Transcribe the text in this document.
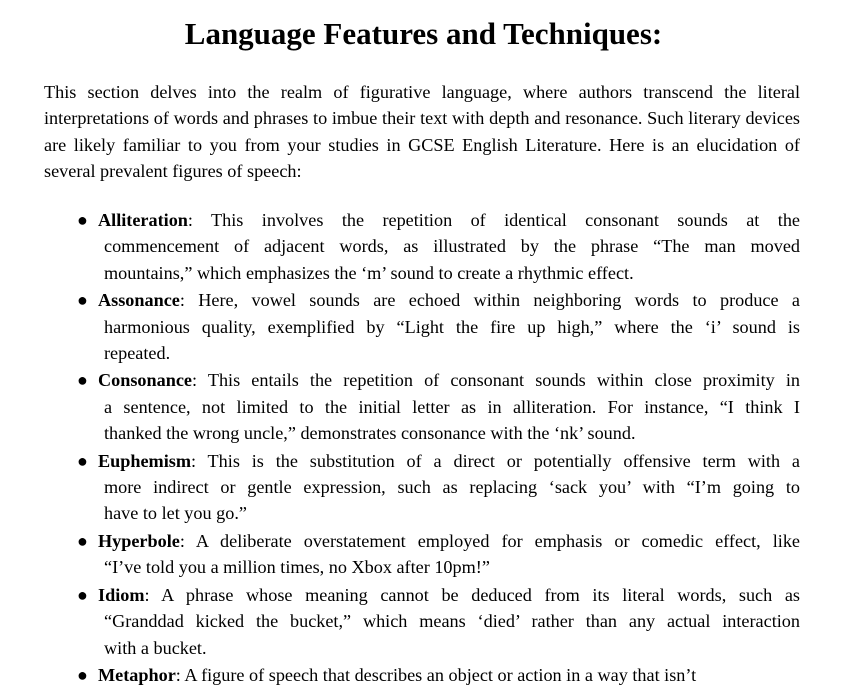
Language Features and Techniques:

This section delves into the realm of figurative language, where authors transcend the literal interpretations of words and phrases to imbue their text with depth and resonance. Such literary devices are likely familiar to you from your studies in GCSE English Literature. Here is an elucidation of several prevalent figures of speech:

● Alliteration: This involves the repetition of identical consonant sounds at the
commencement of adjacent words, as illustrated by the phrase “The man moved
mountains,” which emphasizes the ‘m’ sound to create a rhythmic effect.
● Assonance: Here, vowel sounds are echoed within neighboring words to produce a
harmonious quality, exemplified by “Light the fire up high,” where the ‘i’ sound is
repeated.
● Consonance: This entails the repetition of consonant sounds within close proximity in
a sentence, not limited to the initial letter as in alliteration. For instance, “I think I
thanked the wrong uncle,” demonstrates consonance with the ‘nk’ sound.
● Euphemism: This is the substitution of a direct or potentially offensive term with a
more indirect or gentle expression, such as replacing ‘sack you’ with “I’m going to
have to let you go.”
● Hyperbole: A deliberate overstatement employed for emphasis or comedic effect, like
“I’ve told you a million times, no Xbox after 10pm!”
● Idiom: A phrase whose meaning cannot be deduced from its literal words, such as
“Granddad kicked the bucket,” which means ‘died’ rather than any actual interaction
with a bucket.
● Metaphor: A figure of speech that describes an object or action in a way that isn’t
